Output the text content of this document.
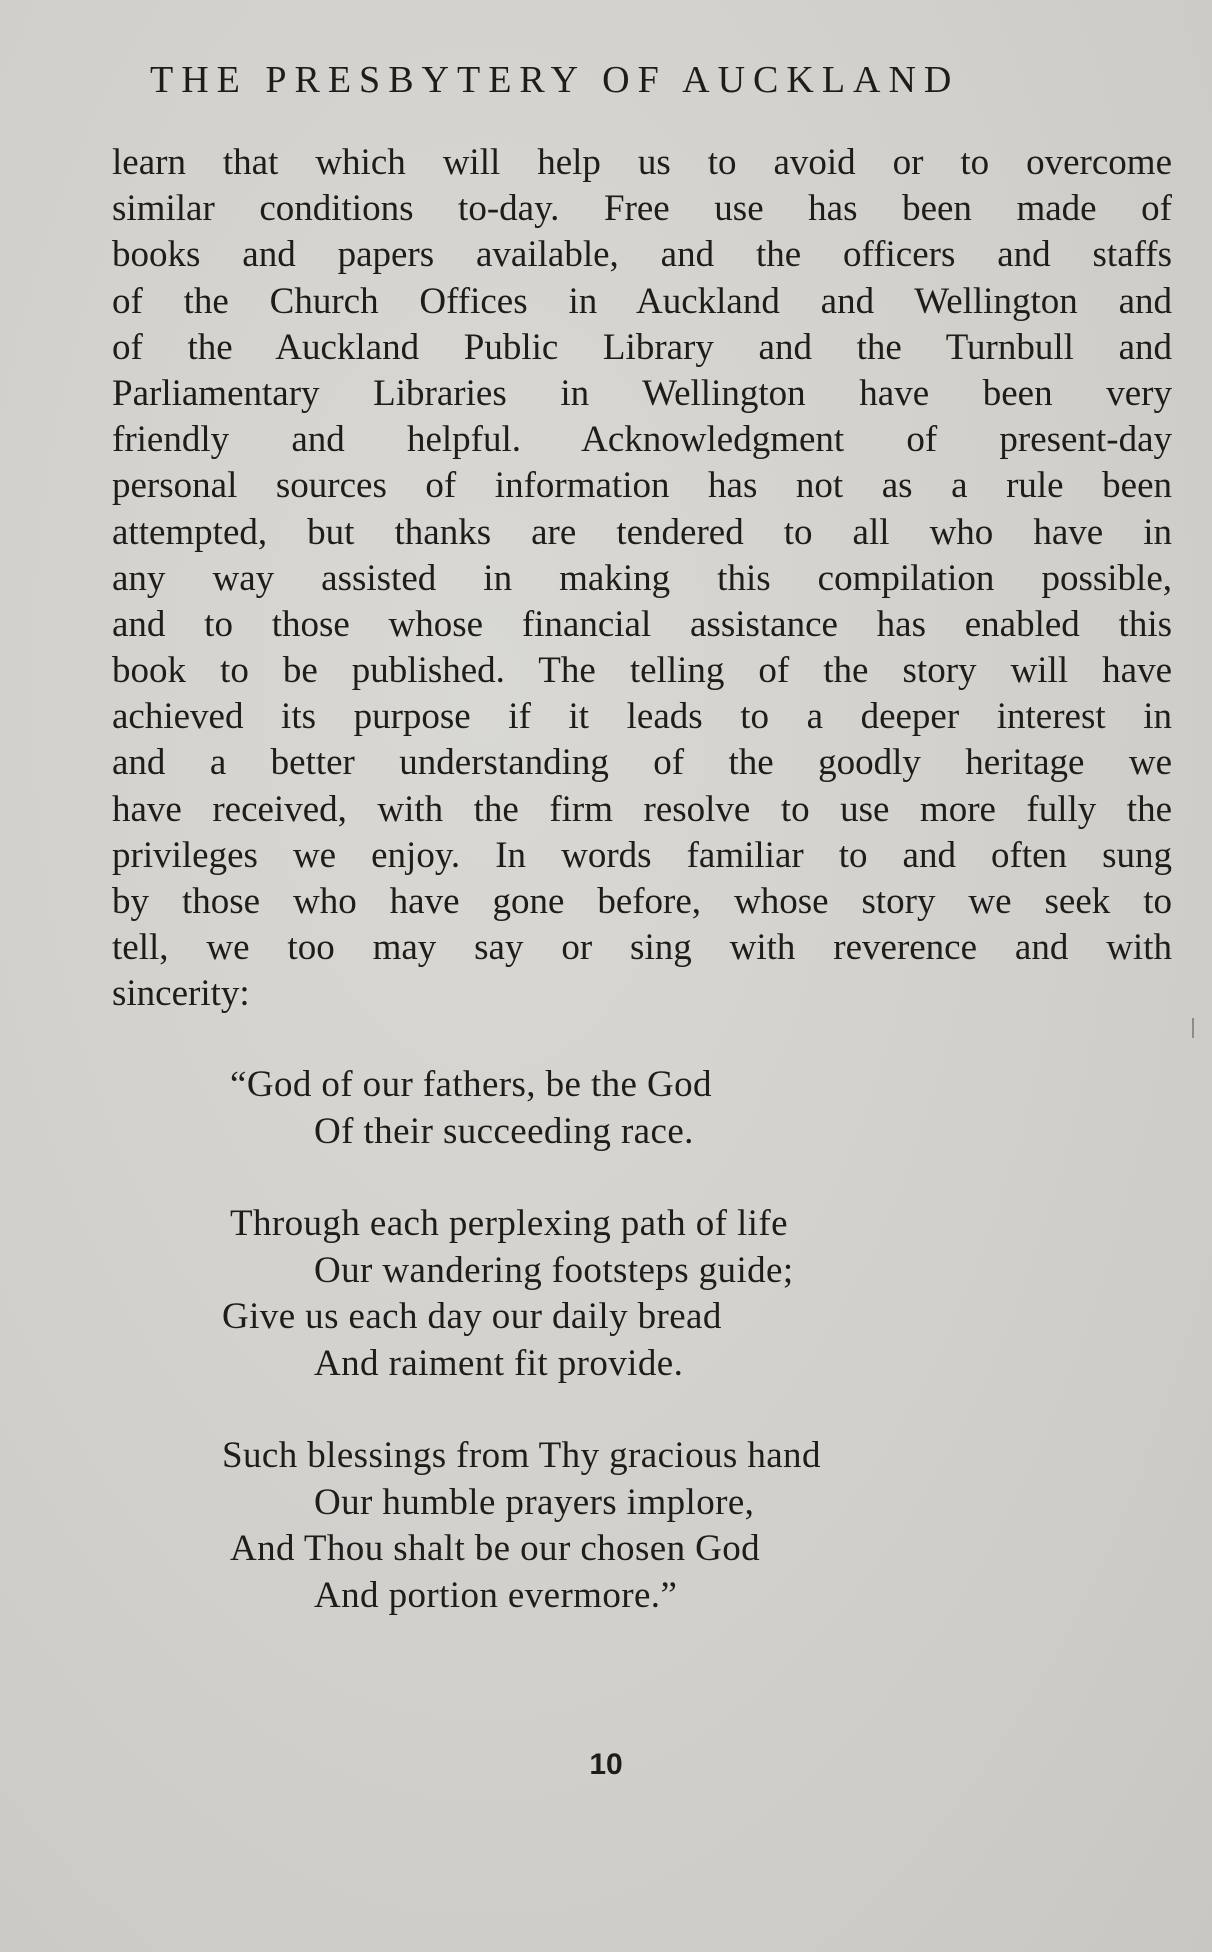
THE PRESBYTERY OF AUCKLAND
learn that which will help us to avoid or to overcome
similar conditions to-day. Free use has been made of
books and papers available, and the officers and staffs
of the Church Offices in Auckland and Wellington and
of the Auckland Public Library and the Turnbull and
Parliamentary Libraries in Wellington have been very
friendly and helpful. Acknowledgment of present-day
personal sources of information has not as a rule been
attempted, but thanks are tendered to all who have in
any way assisted in making this compilation possible,
and to those whose financial assistance has enabled this
book to be published. The telling of the story will have
achieved its purpose if it leads to a deeper interest in
and a better understanding of the goodly heritage we
have received, with the firm resolve to use more fully the
privileges we enjoy. In words familiar to and often sung
by those who have gone before, whose story we seek to
tell, we too may say or sing with reverence and with
sincerity:
“God of our fathers, be the God
Of their succeeding race.
Through each perplexing path of life
Our wandering footsteps guide;
Give us each day our daily bread
And raiment fit provide.
Such blessings from Thy gracious hand
Our humble prayers implore,
And Thou shalt be our chosen God
And portion evermore.”
10
